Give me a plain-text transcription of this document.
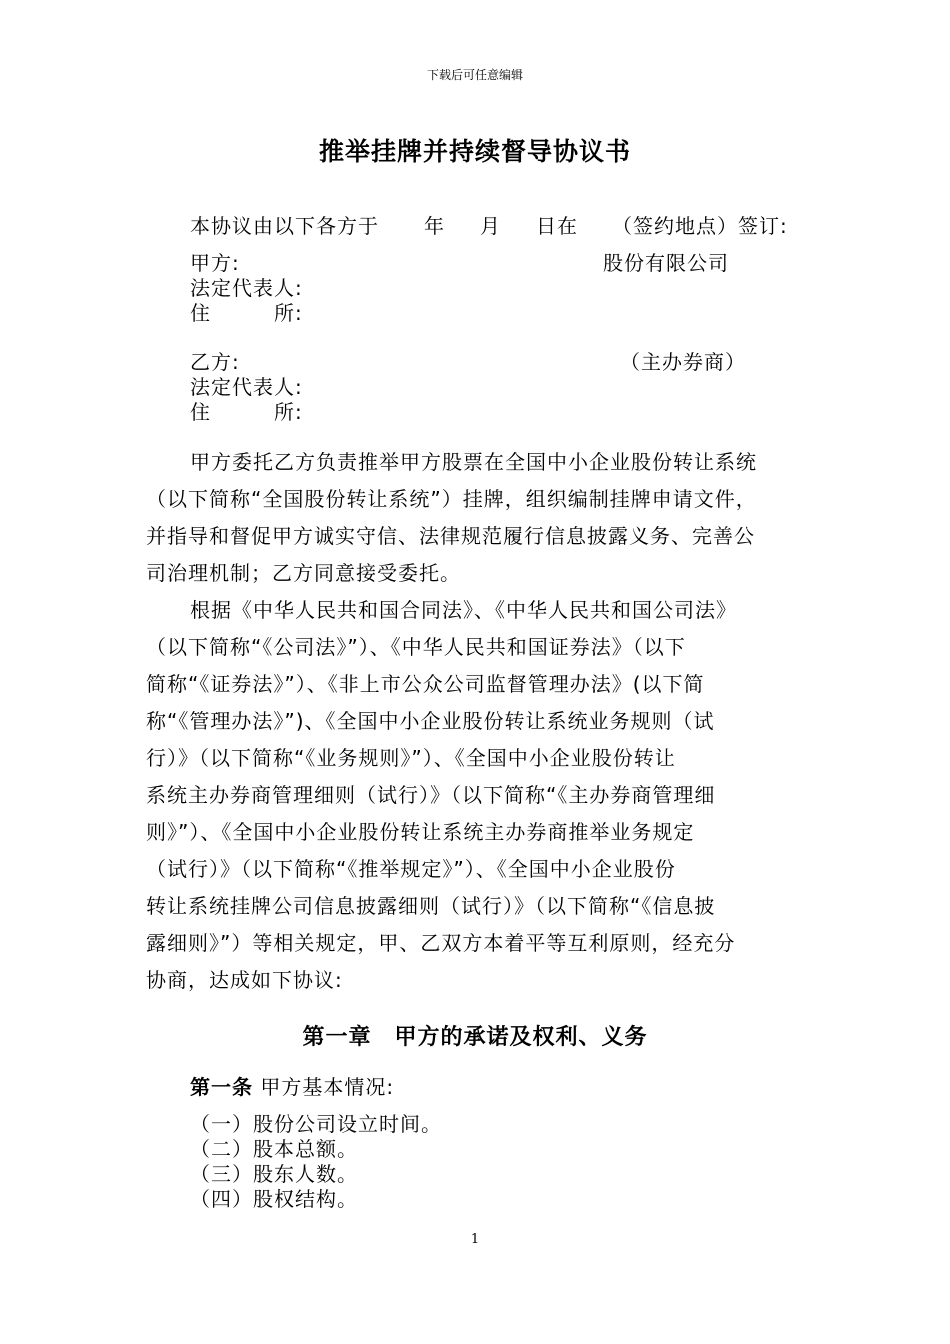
下载后可任意编辑
推举挂牌并持续督导协议书
本协议由以下各方于 年 月 日在 （签约地点）签订:
甲方:	股份有限公司
法定代表人:
住　　　所:
乙方:	（主办券商）
法定代表人:
住　　　所:
甲方委托乙方负责推举甲方股票在全国中小企业股份转让系统
（以下简称“全国股份转让系统”）挂牌，组织编制挂牌申请文件，
并指导和督促甲方诚实守信、法律规范履行信息披露义务、完善公
司治理机制；乙方同意接受委托。
根据《中华人民共和国合同法》、《中华人民共和国公司法》
（以下简称“《公司法》”）、《中华人民共和国证券法》（以下
简称“《证券法》”）、《非上市公众公司监督管理办法》(以下简
称“《管理办法》”)、《全国中小企业股份转让系统业务规则（试
行）》（以下简称“《业务规则》”）、《全国中小企业股份转让
系统主办券商管理细则（试行）》（以下简称“《主办券商管理细
则》”）、《全国中小企业股份转让系统主办券商推举业务规定
（试行）》（以下简称“《推举规定》”）、《全国中小企业股份
转让系统挂牌公司信息披露细则（试行）》（以下简称“《信息披
露细则》”）等相关规定，甲、乙双方本着平等互利原则，经充分
协商，达成如下协议:
第一章　甲方的承诺及权利、义务
第一条 甲方基本情况:
（一）股份公司设立时间。
（二）股本总额。
（三）股东人数。
（四）股权结构。
1
